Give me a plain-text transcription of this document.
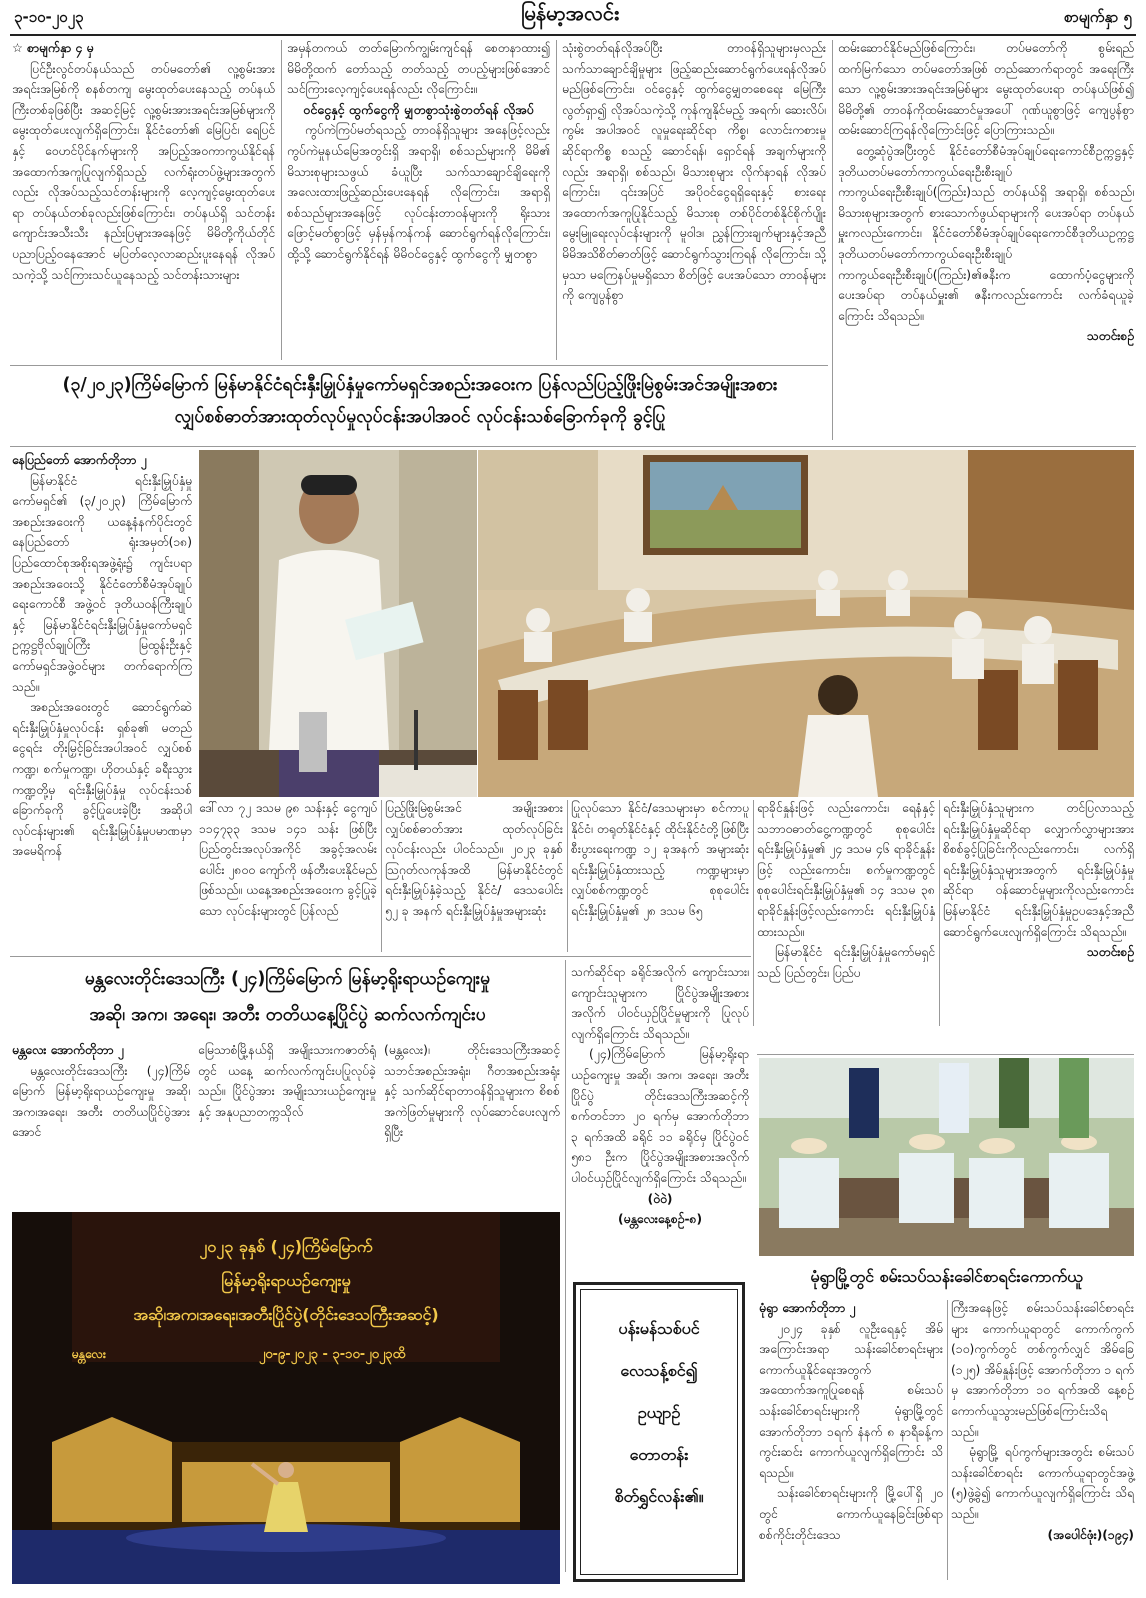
၃-၁၀-၂၀၂၃	မြန်မာ့အလင်း	စာမျက်နှာ ၅

☆ စာမျက်နှာ ၄ မှ

ပြင်ဦးလွင်တပ်နယ်သည် တပ်မတော်၏ လူ့စွမ်းအားအရင်းအမြစ်ကို စနစ်တကျ မွေးထုတ်ပေးနေသည့် တပ်နယ်ကြီးတစ်ခုဖြစ်ပြီး အဆင့်မြင့် လူ့စွမ်းအားအရင်းအမြစ်များကို မွေးထုတ်ပေးလျက်ရှိကြောင်း၊ နိုင်ငံတော်၏ မြေပြင်၊ ရေပြင်နှင့် ဝေဟင်ပိုင်နက်များကို အပြည့်အဝကာကွယ်နိုင်ရန် အထောက်အကူပြုလျက်ရှိသည့် လက်ရုံးတပ်ဖွဲ့များအတွက်လည်း လိုအပ်သည့်သင်တန်းများကို လေ့ကျင့်မွေးထုတ်ပေးရာ တပ်နယ်တစ်ခုလည်းဖြစ်ကြောင်း၊ တပ်နယ်ရှိ သင်တန်းကျောင်းအသီးသီး နည်းပြများအနေဖြင့် မိမိတို့ကိုယ်တိုင် ပညာပြည့်ဝနေအောင် မပြတ်လေ့လာဆည်းပူးနေရန် လိုအပ်သကဲ့သို့ သင်ကြားသင်ယူနေသည့် သင်တန်းသားများ

အမှန်တကယ် တတ်မြောက်ကျွမ်းကျင်ရန် စေတနာထား၍ မိမိတို့ထက် တော်သည့် တတ်သည့် တပည့်များဖြစ်အောင် သင်ကြားလေ့ကျင့်ပေးရန်လည်း လိုကြောင်း။

ဝင်ငွေနှင့် ထွက်ငွေကို မျှတစွာသုံးစွဲတတ်ရန် လိုအပ်

ကွပ်ကဲကြပ်မတ်ရသည့် တာဝန်ရှိသူများ အနေဖြင့်လည်း ကွပ်ကဲမှုနယ်မြေအတွင်းရှိ အရာရှိ၊ စစ်သည်များကို မိမိ၏ မိသားစုများသဖွယ် ခံယူပြီး သက်သာချောင်ချိရေးကို အလေးထားဖြည့်ဆည်းပေးနေရန် လိုကြောင်း၊ အရာရှိ စစ်သည်များအနေဖြင့် လုပ်ငန်းတာဝန်များကို ရိုးသားဖြောင့်မတ်စွာဖြင့် မှန်မှန်ကန်ကန် ဆောင်ရွက်ရန်လိုကြောင်း၊ ထို့သို့ ဆောင်ရွက်နိုင်ရန် မိမိဝင်ငွေနှင့် ထွက်ငွေကို မျှတစွာ

သုံးစွဲတတ်ရန်လိုအပ်ပြီး တာဝန်ရှိသူများမှလည်း သက်သာချောင်ချိမှုများ ဖြည့်ဆည်းဆောင်ရွက်ပေးရန်လိုအပ်မည်ဖြစ်ကြောင်း၊ ဝင်ငွေနှင့် ထွက်ငွေမျှတစေရေး မြေကြီးလွတ်ရှာ၍ လိုအပ်သကဲ့သို့ ကုန်ကျနိုင်မည့် အရက်၊ ဆေးလိပ်၊ ကွမ်း အပါအဝင် လူမှုရေးဆိုင်ရာ ကိစ္စ၊ လောင်းကစားမှုဆိုင်ရာကိစ္စ စသည့် ဆောင်ရန်၊ ရှောင်ရန် အချက်များကိုလည်း အရာရှိ၊ စစ်သည်၊ မိသားစုများ လိုက်နာရန် လိုအပ်ကြောင်း၊ ၎င်းအပြင် အပိုဝင်ငွေရရှိရေးနှင့် စားရေးအထောက်အကူပြုနိုင်သည့် မိသားစု တစ်ပိုင်တစ်နိုင်စိုက်ပျိုးမွေးမြူရေးလုပ်ငန်းများကို မူဝါဒ၊ ညွှန်ကြားချက်များနှင့်အညီ မိမိအသိစိတ်ဓာတ်ဖြင့် ဆောင်ရွက်သွားကြရန် လိုကြောင်း၊ သို့မှသာ မကြေနပ်မှုမရှိသော စိတ်ဖြင့် ပေးအပ်သော တာဝန်များကို ကျေပွန်စွာ

ထမ်းဆောင်နိုင်မည်ဖြစ်ကြောင်း၊ တပ်မတော်ကို စွမ်းရည်ထက်မြက်သော တပ်မတော်အဖြစ် တည်ဆောက်ရာတွင် အရေးကြီးသော လူ့စွမ်းအားအရင်းအမြစ်များ မွေးထုတ်ပေးရာ တပ်နယ်ဖြစ်၍ မိမိတို့၏ တာဝန်ကိုထမ်းဆောင်မှုအပေါ် ဂုဏ်ယူစွာဖြင့် ကျေပွန်စွာထမ်းဆောင်ကြရန်လိုကြောင်းဖြင့် ပြောကြားသည်။

တွေ့ဆုံပွဲအပြီးတွင် နိုင်ငံတော်စီမံအုပ်ချုပ်ရေးကောင်စီဥက္ကဋ္ဌနှင့် ဒုတိယတပ်မတော်ကာကွယ်ရေးဦးစီးချုပ် ကာကွယ်ရေးဦးစီးချုပ်(ကြည်း)သည် တပ်နယ်ရှိ အရာရှိ၊ စစ်သည်၊ မိသားစုများအတွက် စားသောက်ဖွယ်ရာများကို ပေးအပ်ရာ တပ်နယ်မှူးကလည်းကောင်း၊ နိုင်ငံတော်စီမံအုပ်ချုပ်ရေးကောင်စီဒုတိယဥက္ကဋ္ဌ ဒုတိယတပ်မတော်ကာကွယ်ရေးဦးစီးချုပ် ကာကွယ်ရေးဦးစီးချုပ်(ကြည်း)၏ဇနီးက ထောက်ပံ့ငွေများကို ပေးအပ်ရာ တပ်နယ်မှူး၏ ဇနီးကလည်းကောင်း လက်ခံရယူခဲ့ကြောင်း သိရသည်။

သတင်းစဉ်

(၃/၂၀၂၃)ကြိမ်မြောက် မြန်မာနိုင်ငံရင်းနှီးမြှုပ်နှံမှုကော်မရှင်အစည်းအဝေးက ပြန်လည်ပြည့်ဖြိုးမြဲစွမ်းအင်အမျိုးအစား
လျှပ်စစ်ဓာတ်အားထုတ်လုပ်မှုလုပ်ငန်းအပါအဝင် လုပ်ငန်းသစ်ခြောက်ခုကို ခွင့်ပြု

နေပြည်တော် အောက်တိုဘာ ၂

မြန်မာနိုင်ငံ ရင်းနှီးမြှုပ်နှံမှုကော်မရှင်၏ (၃/၂၀၂၃) ကြိမ်မြောက်အစည်းအဝေးကို ယနေ့နံနက်ပိုင်းတွင် နေပြည်တော် ရုံးအမှတ်(၁၈) ပြည်ထောင်စုအစိုးရအဖွဲ့ရုံး၌ ကျင်းပရာ အစည်းအဝေးသို့ နိုင်ငံတော်စီမံအုပ်ချုပ်ရေးကောင်စီ အဖွဲ့ဝင် ဒုတိယဝန်ကြီးချုပ်နှင့် မြန်မာနိုင်ငံရင်းနှီးမြှုပ်နှံမှုကော်မရှင် ဥက္ကဋ္ဌဗိုလ်ချုပ်ကြီး မြထွန်းဦးနှင့် ကော်မရှင်အဖွဲ့ဝင်များ တက်ရောက်ကြသည်။

အစည်းအဝေးတွင် ဆောင်ရွက်ဆဲရင်းနှီးမြှုပ်နှံမှုလုပ်ငန်း ရှစ်ခု၏ မတည်ငွေရင်း တိုးမြှင့်ခြင်းအပါအဝင် လျှပ်စစ်ကဏ္ဍ၊ စက်မှုကဏ္ဍ၊ ဟိုတယ်နှင့် ခရီးသွားကဏ္ဍတို့မှ ရင်းနှီးမြှုပ်နှံမှု လုပ်ငန်းသစ်ခြောက်ခုကို ခွင့်ပြုပေးခဲ့ပြီး အဆိုပါလုပ်ငန်းများ၏ ရင်းနှီးမြှုပ်နှံမှုပမာဏမှာ အမေရိကန်

ဒေါ်လာ ၇၂ ဒသမ ၉၈ သန်းနှင့် ငွေကျပ် ၁၁၄၇၃၃ ဒသမ ၁၄၁ သန်း ဖြစ်ပြီး ပြည်တွင်းအလုပ်အကိုင် အခွင့်အလမ်းပေါင်း ၂၈၀၀ ကျော်ကို ဖန်တီးပေးနိုင်မည်ဖြစ်သည်။ ယနေ့အစည်းအဝေးက ခွင့်ပြုခဲ့သော လုပ်ငန်းများတွင် ပြန်လည်

ပြည့်ဖြိုးမြဲစွမ်းအင် အမျိုးအစား လျှပ်စစ်ဓာတ်အား ထုတ်လုပ်ခြင်း လုပ်ငန်းလည်း ပါဝင်သည်။ ၂၀၂၃ ခုနှစ် ဩဂုတ်လကုန်အထိ မြန်မာနိုင်ငံတွင် ရင်းနှီးမြှုပ်နှံခဲ့သည့် နိုင်ငံ/ ဒေသပေါင်း ၅၂ ခု အနက် ရင်းနှီးမြှုပ်နှံမှုအများဆုံး

ပြုလုပ်သော နိုင်ငံ/ဒေသများမှာ စင်ကာပူနိုင်ငံ၊ တရုတ်နိုင်ငံနှင့် ထိုင်းနိုင်ငံတို့ဖြစ်ပြီး စီးပွားရေးကဏ္ဍ ၁၂ ခုအနက် အများဆုံး ရင်းနှီးမြှုပ်နှံထားသည့် ကဏ္ဍများမှာ လျှပ်စစ်ကဏ္ဍတွင် စုစုပေါင်း ရင်းနှီးမြှုပ်နှံမှု၏ ၂၈ ဒသမ ၆၅

ရာခိုင်နှုန်းဖြင့် လည်းကောင်း၊ ရေနံနှင့် သဘာဝဓာတ်ငွေ့ကဏ္ဍတွင် စုစုပေါင်းရင်းနှီးမြှုပ်နှံမှု၏ ၂၄ ဒသမ ၄၆ ရာခိုင်နှုန်းဖြင့် လည်းကောင်း၊ စက်မှုကဏ္ဍတွင် စုစုပေါင်းရင်းနှီးမြှုပ်နှံမှု၏ ၁၄ ဒသမ ၃၈ ရာခိုင်နှုန်းဖြင့်လည်းကောင်း ရင်းနှီးမြှုပ်နှံထားသည်။

မြန်မာနိုင်ငံ ရင်းနှီးမြှုပ်နှံမှုကော်မရှင်သည် ပြည်တွင်း၊ ပြည်ပ

ရင်းနှီးမြှုပ်နှံသူများက တင်ပြလာသည့် ရင်းနှီးမြှုပ်နှံမှုဆိုင်ရာ လျှောက်လွှာများအား စိစစ်ခွင့်ပြုခြင်းကိုလည်းကောင်း၊ လက်ရှိရင်းနှီးမြှုပ်နှံသူများအတွက် ရင်းနှီးမြှုပ်နှံမှုဆိုင်ရာ ဝန်ဆောင်မှုများကိုလည်းကောင်း မြန်မာနိုင်ငံ ရင်းနှီးမြှုပ်နှံမှုဥပဒေနှင့်အညီ ဆောင်ရွက်ပေးလျက်ရှိကြောင်း သိရသည်။

သတင်းစဉ်

မန္တလေးတိုင်းဒေသကြီး (၂၄)ကြိမ်မြောက် မြန်မာ့ရိုးရာယဉ်ကျေးမှု
အဆို၊ အက၊ အရေး၊ အတီး တတိယနေ့ပြိုင်ပွဲ ဆက်လက်ကျင်းပ

မန္တလေး အောက်တိုဘာ ၂

မန္တလေးတိုင်းဒေသကြီး (၂၄)ကြိမ်မြောက် မြန်မာ့ရိုးရာယဉ်ကျေးမှု အဆို၊အက၊အရေး၊ အတီး တတိယပြိုင်ပွဲအား အောင်

မြေသာစံမြို့နယ်ရှိ အမျိုးသားကဇာတ်ရုံတွင် ယနေ့ ဆက်လက်ကျင်းပပြုလုပ်ခဲ့သည်။ ပြိုင်ပွဲအား အမျိုးသားယဉ်ကျေးမှုနှင့် အနုပညာတက္ကသိုလ်

(မန္တလေး)၊ တိုင်းဒေသကြီးအဆင့် သဘင်အစည်းအရုံး၊ ဂီတအစည်းအရုံးနှင့် သက်ဆိုင်ရာတာဝန်ရှိသူများက စိစစ်အကဲဖြတ်မှုများကို လုပ်ဆောင်ပေးလျက်ရှိပြီး

သက်ဆိုင်ရာ ခရိုင်အလိုက် ကျောင်းသား၊ ကျောင်းသူများက ပြိုင်ပွဲအမျိုးအစားအလိုက် ပါဝင်ယှဉ်ပြိုင်မှုများကို ပြုလုပ်လျက်ရှိကြောင်း သိရသည်။

(၂၄)ကြိမ်မြောက် မြန်မာ့ရိုးရာယဉ်ကျေးမှု အဆို၊ အက၊ အရေး၊ အတီးပြိုင်ပွဲ တိုင်းဒေသကြီးအဆင့်ကို စက်တင်ဘာ ၂၀ ရက်မှ အောက်တိုဘာ ၃ ရက်အထိ ခရိုင် ၁၁ ခရိုင်မှ ပြိုင်ပွဲဝင် ၅၈၁ ဦးက ပြိုင်ပွဲအမျိုးအစားအလိုက် ပါဝင်ယှဉ်ပြိုင်လျက်ရှိကြောင်း သိရသည်။

(ဝဲဝဲ)

(မန္တလေးနေ့စဉ်-၈)

၂၀၂၃ ခုနှစ် (၂၄)ကြိမ်မြောက်
မြန်မာ့ရိုးရာယဉ်ကျေးမှု
အဆို၊အက၊အရေး၊အတီးပြိုင်ပွဲ(တိုင်းဒေသကြီးအဆင့်)
မန္တလေး	၂၀-၉-၂၀၂၃ - ၃-၁၀-၂၀၂၃ထိ
ပန်းမန်သစ်ပင်
လေသန့်စင်၍
ဥယျာဉ်
တောတန်း
စိတ်ရွှင်လန်း၏။
မုံရွာမြို့တွင် စမ်းသပ်သန်းခေါင်စာရင်းကောက်ယူ

မုံရွာ အောက်တိုဘာ ၂

၂၀၂၄ ခုနှစ် လူဦးရေနှင့် အိမ်အကြောင်းအရာ သန်းခေါင်စာရင်းများ ကောက်ယူနိုင်ရေးအတွက် အထောက်အကူပြုစေရန် စမ်းသပ်သန်းခေါင်စာရင်းများကို မုံရွာမြို့တွင် အောက်တိုဘာ ၁ရက် နံနက် ၈ နာရီခန့်က ကွင်းဆင်း ကောက်ယူလျက်ရှိကြောင်း သိရသည်။

သန်းခေါင်စာရင်းများကို မြို့ပေါ်ရှိ ၂၀ တွင် ကောက်ယူနေခြင်းဖြစ်ရာ စစ်ကိုင်းတိုင်းဒေသ

ကြီးအနေဖြင့် စမ်းသပ်သန်းခေါင်စာရင်းများ ကောက်ယူရာတွင် ကောက်ကွက် (၁၀)ကွက်တွင် တစ်ကွက်လျှင် အိမ်ခြေ (၁၂၅) အိမ်နှုန်းဖြင့် အောက်တိုဘာ ၁ ရက်မှ အောက်တိုဘာ ၁၀ ရက်အထိ နေ့စဉ်ကောက်ယူသွားမည်ဖြစ်ကြောင်းသိရသည်။

မုံရွာမြို့ ရပ်ကွက်များအတွင်း စမ်းသပ်သန်းခေါင်စာရင်း ကောက်ယူရာတွင်အဖွဲ့ (၅)ဖွဲ့ခွဲ၍ ကောက်ယူလျက်ရှိကြောင်း သိရသည်။

(အပေါင်ဖုံး)(၁၉၄)
